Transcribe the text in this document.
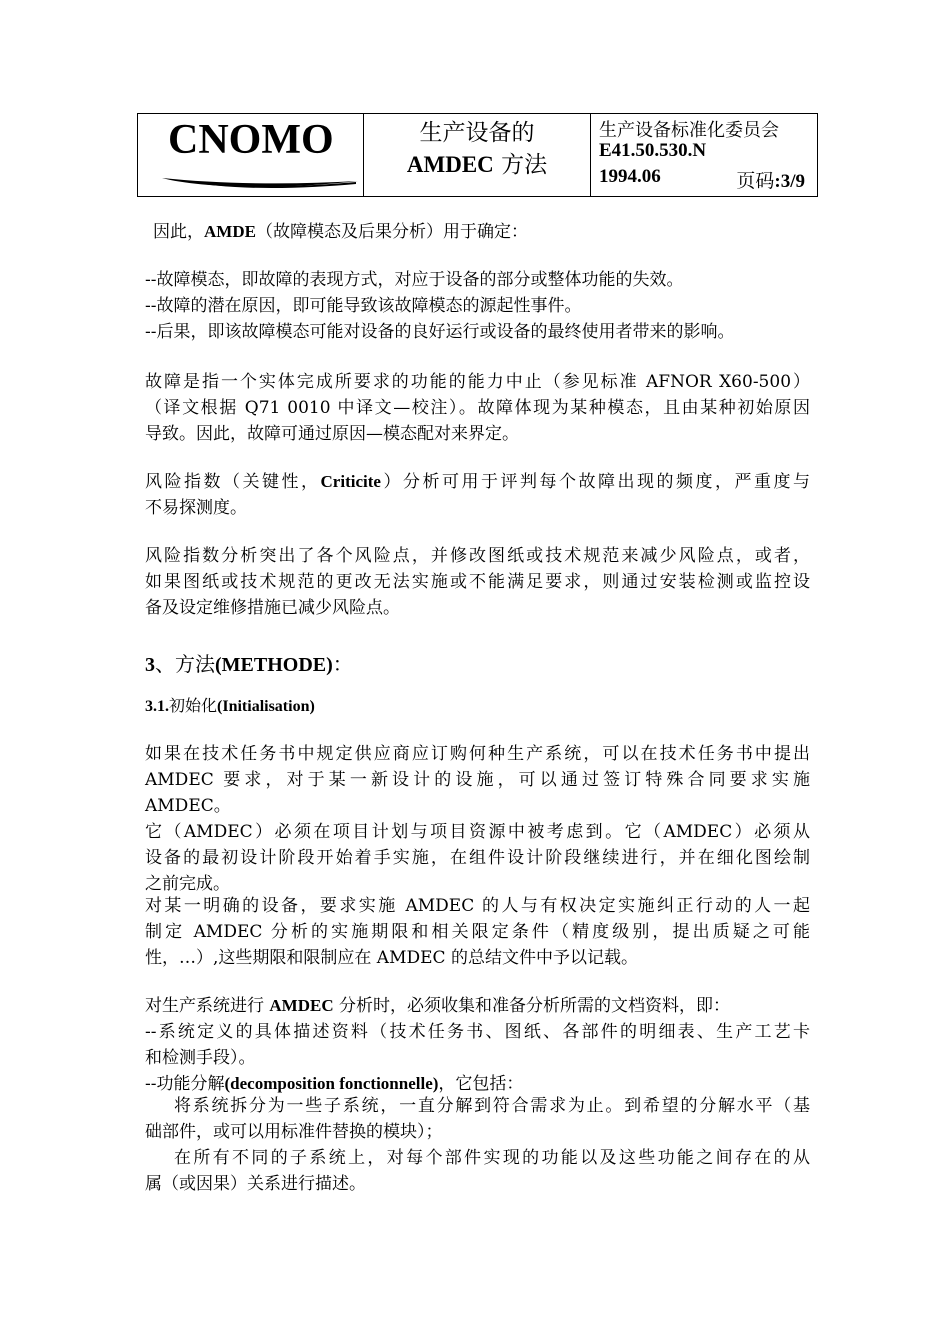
CNOMO	生产设备的
AMDEC 方法
生产设备标准化委员会
E41.50.530.N
1994.06	页码:3/9
因此，AMDE（故障模态及后果分析）用于确定：
--故障模态，即故障的表现方式，对应于设备的部分或整体功能的失效。
--故障的潜在原因，即可能导致该故障模态的源起性事件。
--后果，即该故障模态可能对设备的良好运行或设备的最终使用者带来的影响。
故障是指一个实体完成所要求的功能的能力中止（参见标准 AFNOR X60-500）
（译文根据 Q71 0010 中译文—校注）。故障体现为某种模态，且由某种初始原因
导致。因此，故障可通过原因—模态配对来界定。
风险指数（关键性，Criticite）分析可用于评判每个故障出现的频度，严重度与
不易探测度。
风险指数分析突出了各个风险点，并修改图纸或技术规范来减少风险点，或者，
如果图纸或技术规范的更改无法实施或不能满足要求，则通过安装检测或监控设
备及设定维修措施已减少风险点。
3、方法(METHODE)：
3.1.初始化(Initialisation)
如果在技术任务书中规定供应商应订购何种生产系统，可以在技术任务书中提出
AMDEC 要求，对于某一新设计的设施，可以通过签订特殊合同要求实施
AMDEC。
它（AMDEC）必须在项目计划与项目资源中被考虑到。它（AMDEC）必须从
设备的最初设计阶段开始着手实施，在组件设计阶段继续进行，并在细化图绘制
之前完成。
对某一明确的设备，要求实施 AMDEC 的人与有权决定实施纠正行动的人一起
制定 AMDEC 分析的实施期限和相关限定条件（精度级别，提出质疑之可能
性，…）,这些期限和限制应在 AMDEC 的总结文件中予以记载。
对生产系统进行 AMDEC 分析时，必须收集和准备分析所需的文档资料，即：
--系统定义的具体描述资料（技术任务书、图纸、各部件的明细表、生产工艺卡
和检测手段）。
--功能分解(decomposition fonctionnelle)，它包括：
将系统拆分为一些子系统，一直分解到符合需求为止。到希望的分解水平（基
础部件，或可以用标准件替换的模块）；
在所有不同的子系统上，对每个部件实现的功能以及这些功能之间存在的从
属（或因果）关系进行描述。
